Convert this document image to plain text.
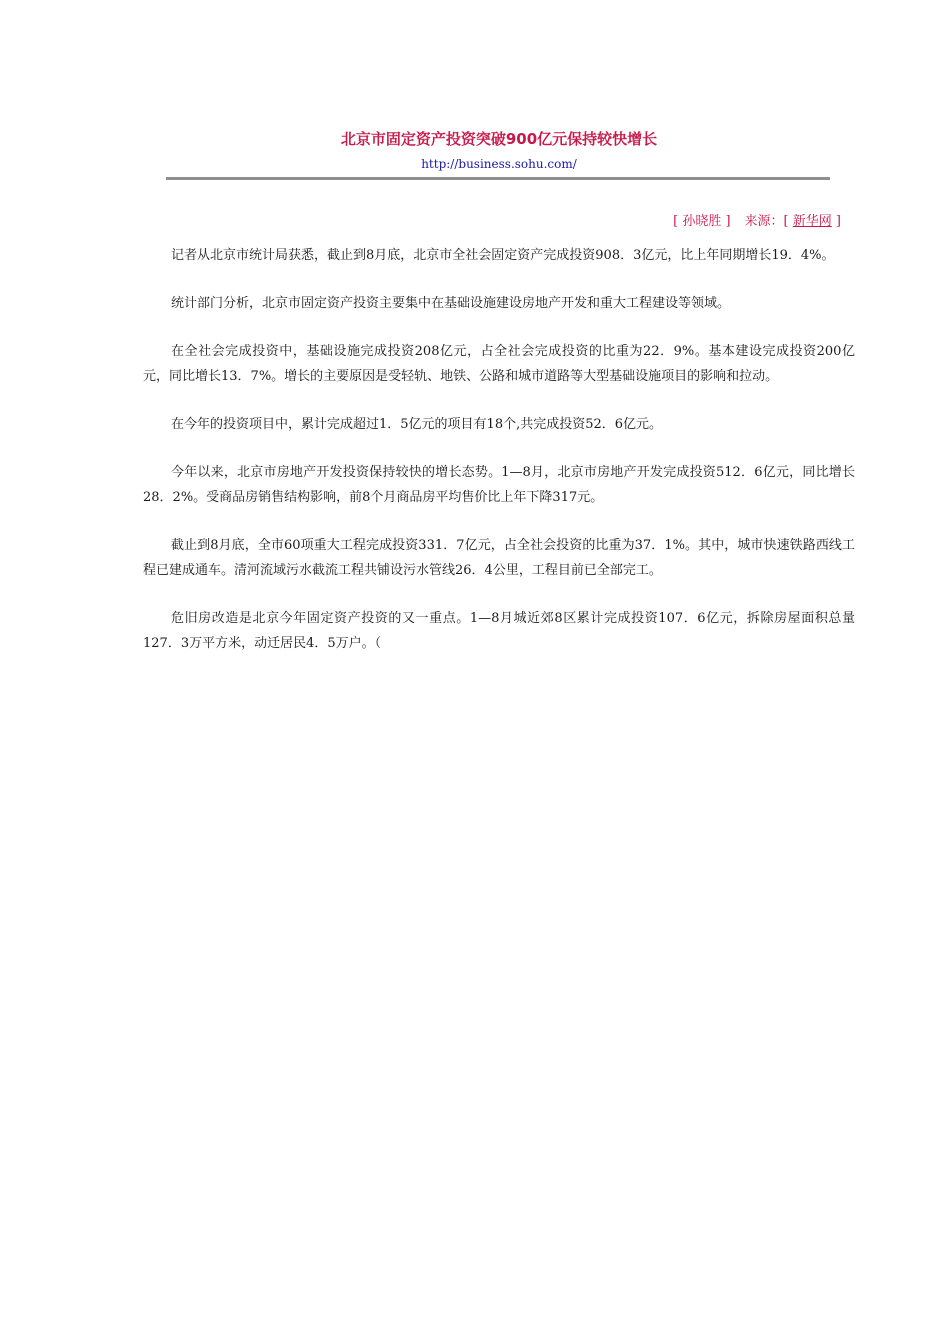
北京市固定资产投资突破900亿元保持较快增长
http://business.sohu.com/
[ 孙晓胜 ] 来源：[ 新华网 ]

记者从北京市统计局获悉，截止到8月底，北京市全社会固定资产完成投资908．3亿元，比上年同期增长19．4%。

统计部门分析，北京市固定资产投资主要集中在基础设施建设房地产开发和重大工程建设等领域。

在全社会完成投资中，基础设施完成投资208亿元，占全社会完成投资的比重为22．9%。基本建设完成投资200亿元，同比增长13．7%。增长的主要原因是受轻轨、地铁、公路和城市道路等大型基础设施项目的影响和拉动。

在今年的投资项目中，累计完成超过1．5亿元的项目有18个,共完成投资52．6亿元。

今年以来，北京市房地产开发投资保持较快的增长态势。1—8月，北京市房地产开发完成投资512．6亿元，同比增长28．2%。受商品房销售结构影响，前8个月商品房平均售价比上年下降317元。

截止到8月底，全市60项重大工程完成投资331．7亿元，占全社会投资的比重为37．1%。其中，城市快速铁路西线工程已建成通车。清河流域污水截流工程共铺设污水管线26．4公里，工程目前已全部完工。

危旧房改造是北京今年固定资产投资的又一重点。1—8月城近郊8区累计完成投资107．6亿元，拆除房屋面积总量127．3万平方米，动迁居民4．5万户。（
